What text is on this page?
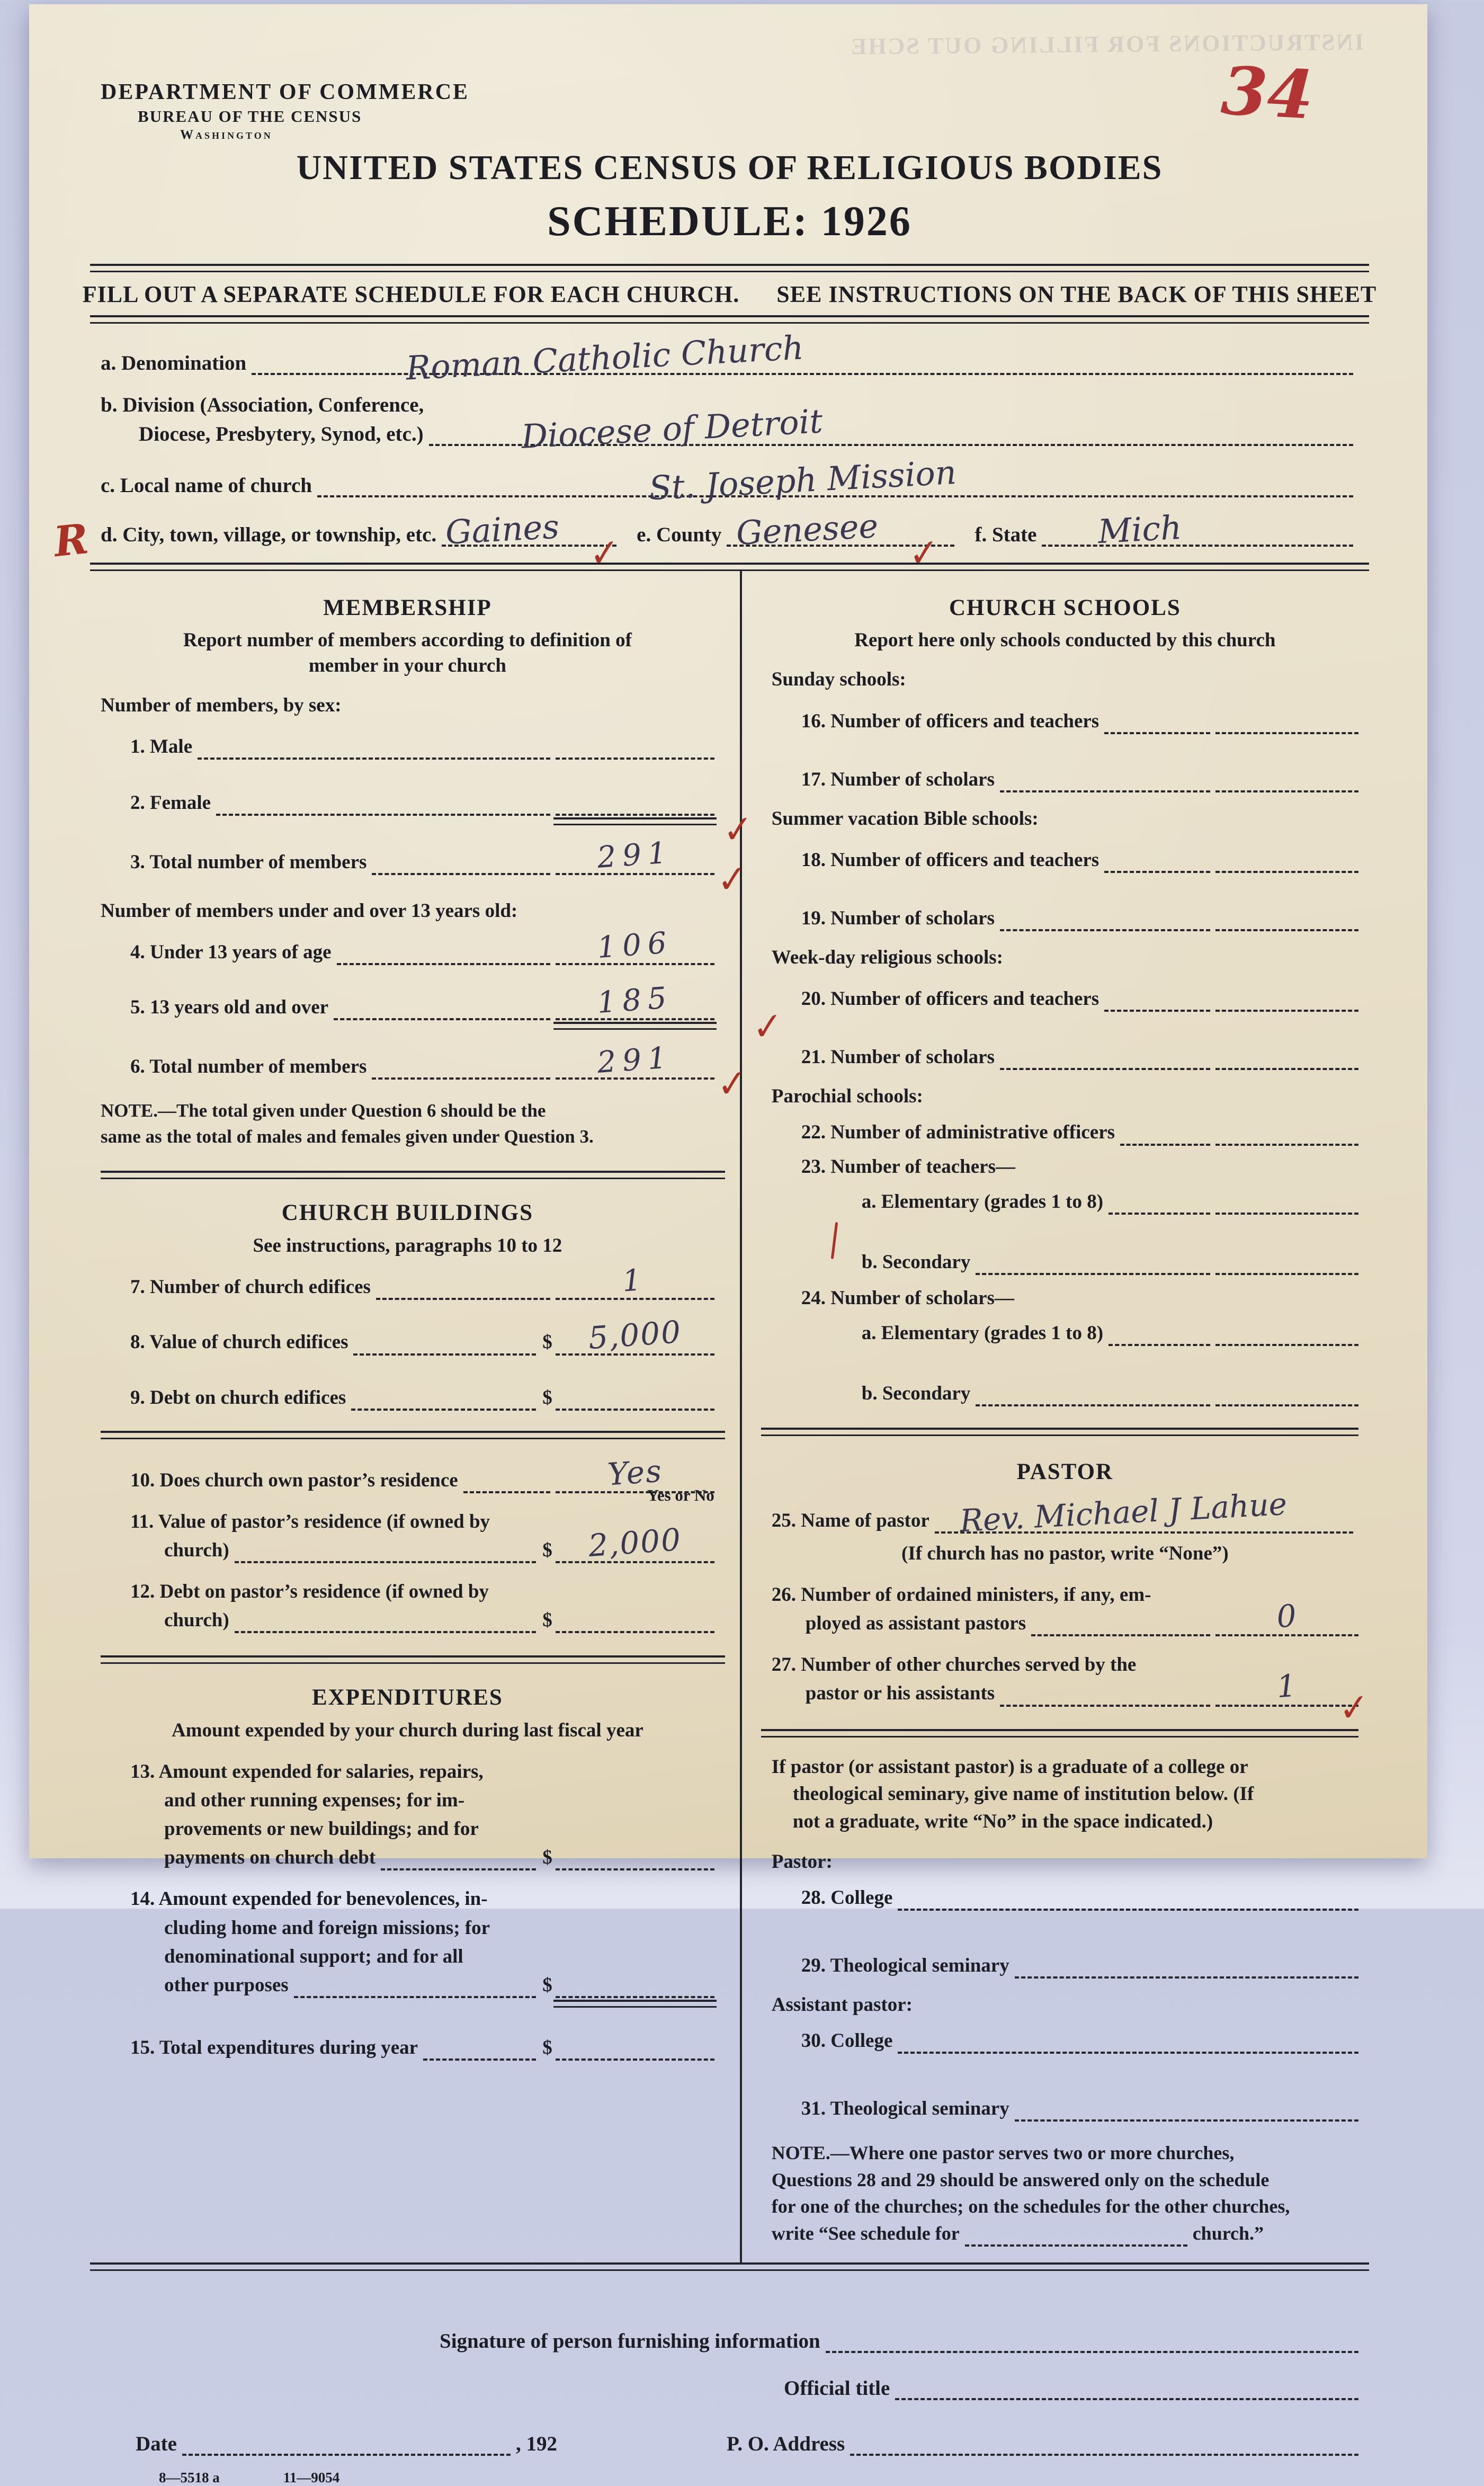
INSTRUCTIONS FOR FILLING OUT SCHE
34
DEPARTMENT OF COMMERCE
BUREAU OF THE CENSUS
Washington
UNITED STATES CENSUS OF RELIGIOUS BODIES
SCHEDULE: 1926
FILL OUT A SEPARATE SCHEDULE FOR EACH CHURCH. SEE INSTRUCTIONS ON THE BACK OF THIS SHEET
a. Denomination	Roman Catholic Church
b. Division (Association, Conference,
Diocese, Presbytery, Synod, etc.)	Diocese of Detroit
c. Local name of church	St. Joseph Mission
R d. City, town, village, or township, etc. Gaines
✓ e. County Genesee
✓ f. State Mich
MEMBERSHIP
Report number of members according to definition of
member in your church
Number of members, by sex:
1. Male
2. Female
3. Total number of members	291
✓
Number of members under and over 13 years old:
4. Under 13 years of age	106
5. 13 years old and over	185
6. Total number of members	291
✓
NOTE.—The total given under Question 6 should be the
same as the total of males and females given under Question 3.
CHURCH BUILDINGS
See instructions, paragraphs 10 to 12
7. Number of church edifices	1
8. Value of church edifices	$ 5,000
9. Debt on church edifices	$
10. Does church own pastor’s residence	Yes
Yes or No

11. Value of pastor’s residence (if owned by

church)	$ 2,000

12. Debt on pastor’s residence (if owned by

church)	$
EXPENDITURES
Amount expended by your church during last fiscal year

13. Amount expended for salaries, repairs,

and other running expenses; for im-

provements or new buildings; and for

payments on church debt	$

14. Amount expended for benevolences, in-

cluding home and foreign missions; for

denominational support; and for all

other purposes	$
15. Total expenditures during year	$
CHURCH SCHOOLS
Report here only schools conducted by this church
Sunday schools:
16. Number of officers and teachers
17. Number of scholars
Summer vacation Bible schools:
✓
18. Number of officers and teachers
19. Number of scholars
Week-day religious schools:
20. Number of officers and teachers
✓
21. Number of scholars
Parochial schools:
22. Number of administrative officers
23. Number of teachers—
a. Elementary (grades 1 to 8)
b. Secondary
24. Number of scholars—
a. Elementary (grades 1 to 8)
b. Secondary
PASTOR
25. Name of pastor Rev. Michael J Lahue
(If church has no pastor, write “None”)

26. Number of ordained ministers, if any, em-

ployed as assistant pastors	0

27. Number of other churches served by the

pastor or his assistants	1 ✓
If pastor (or assistant pastor) is a graduate of a college or
theological seminary, give name of institution below. (If
not a graduate, write “No” in the space indicated.)
Pastor:
28. College
29. Theological seminary
Assistant pastor:
30. College
31. Theological seminary
NOTE.—Where one pastor serves two or more churches,
Questions 28 and 29 should be answered only on the schedule
for one of the churches; on the schedules for the other churches,

write “See schedule for	church.”
Signature of person furnishing information
Official title
Date	, 192	P. O. Address
8—5518 a	11—9054
